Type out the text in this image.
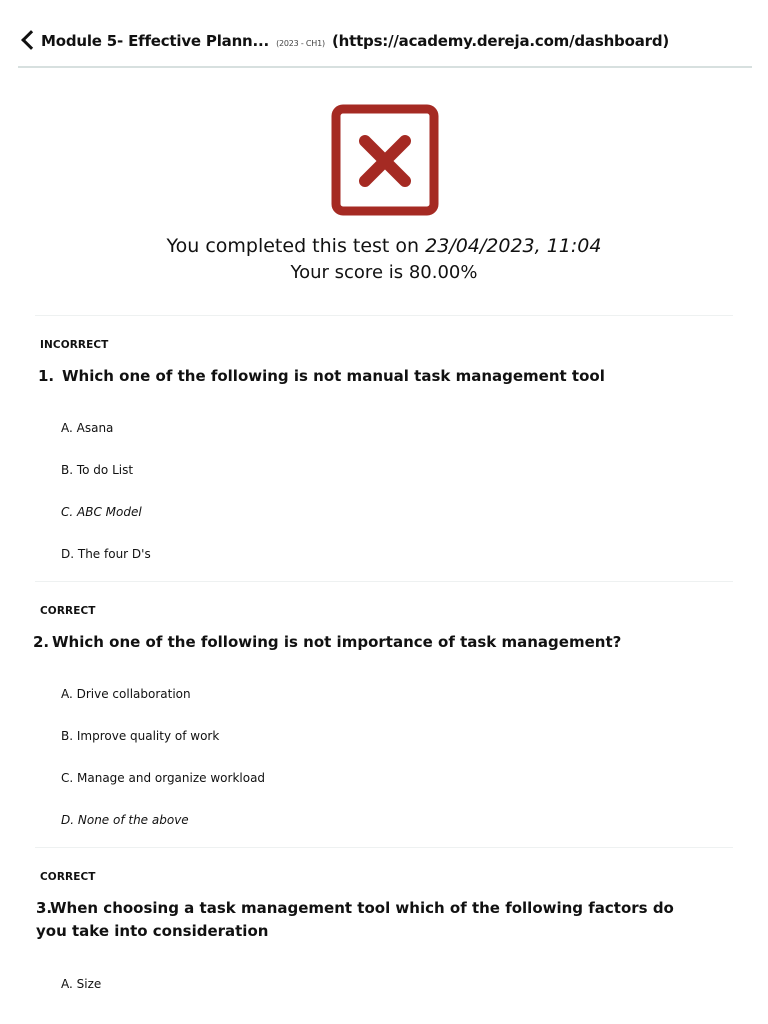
Module 5- Effective Plann... (2023 - CH1) (https://academy.dereja.com/dashboard)
You completed this test on 23/04/2023, 11:04
Your score is 80.00%
INCORRECT
1. Which one of the following is not manual task management tool
A. Asana
B. To do List
C. ABC Model
D. The four D's
CORRECT
2. Which one of the following is not importance of task management?
A. Drive collaboration
B. Improve quality of work
C. Manage and organize workload
D. None of the above
CORRECT
3.When choosing a task management tool which of the following factors do you take into consideration
A. Size
